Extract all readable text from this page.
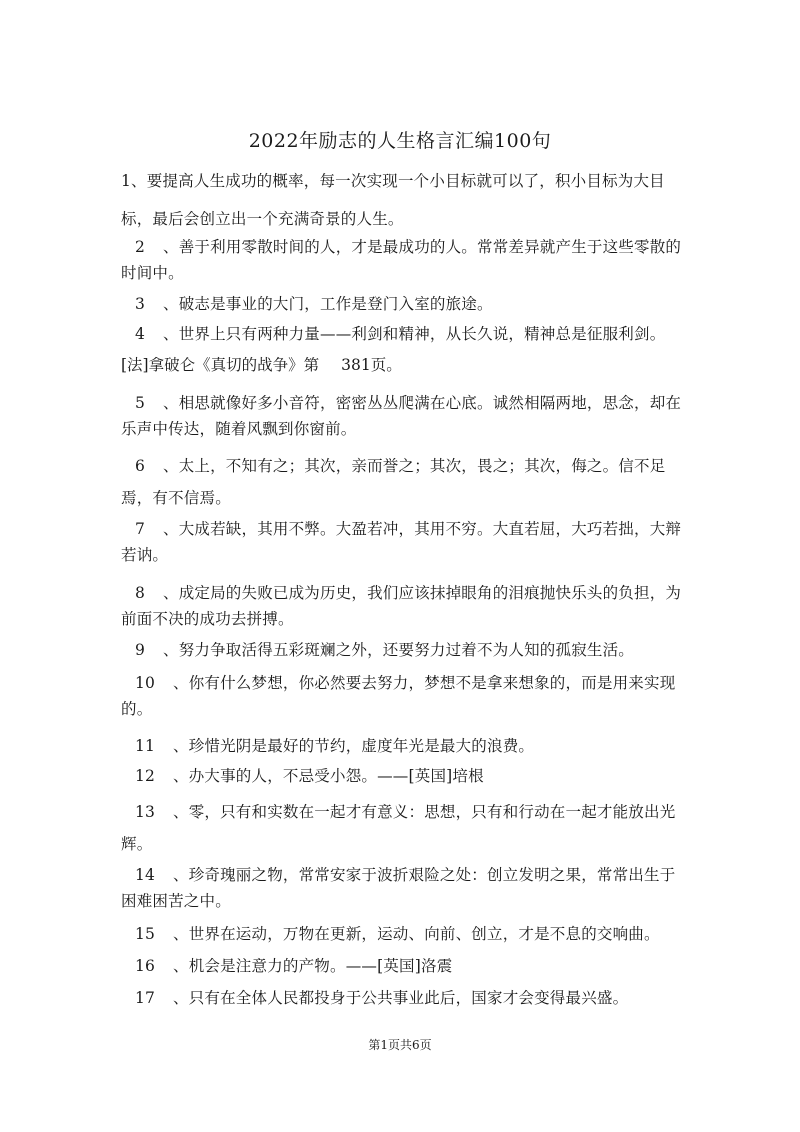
2022年励志的人生格言汇编100句

1、要提高人生成功的概率，每一次实现一个小目标就可以了，积小目标为大目标，最后会创立出一个充满奇景的人生。

2 、善于利用零散时间的人，才是最成功的人。常常差异就产生于这些零散的时间中。

3 、破志是事业的大门，工作是登门入室的旅途。

4 、世界上只有两种力量——利剑和精神，从长久说，精神总是征服利剑。

[法]拿破仑《真切的战争》第 381页。

5 、相思就像好多小音符，密密丛丛爬满在心底。诚然相隔两地，思念，却在乐声中传达，随着风飘到你窗前。

6 、太上，不知有之；其次，亲而誉之；其次，畏之；其次，侮之。信不足焉，有不信焉。

7 、大成若缺，其用不弊。大盈若冲，其用不穷。大直若屈，大巧若拙，大辩若讷。

8 、成定局的失败已成为历史，我们应该抹掉眼角的泪痕抛快乐头的负担，为前面不决的成功去拼搏。

9 、努力争取活得五彩斑斓之外，还要努力过着不为人知的孤寂生活。

10 、你有什么梦想，你必然要去努力，梦想不是拿来想象的，而是用来实现的。

11 、珍惜光阴是最好的节约，虚度年光是最大的浪费。

12 、办大事的人，不忌受小怨。——[英国]培根

13 、零，只有和实数在一起才有意义：思想，只有和行动在一起才能放出光辉。

14 、珍奇瑰丽之物，常常安家于波折艰险之处：创立发明之果，常常出生于困难困苦之中。

15 、世界在运动，万物在更新，运动、向前、创立，才是不息的交响曲。

16 、机会是注意力的产物。——[英国]洛震

17 、只有在全体人民都投身于公共事业此后，国家才会变得最兴盛。

第1页共6页
